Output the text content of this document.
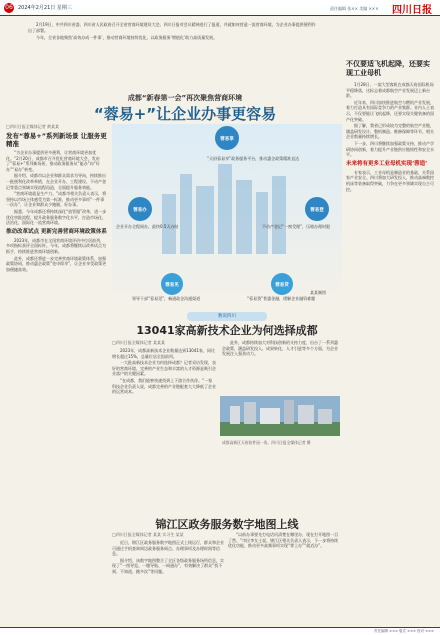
06 2024年2月21日 星期三	责任编辑 张×× 美编 ××× 四川日报

2月19日，中共四川省委、四川省人民政府召开全省营商环境建设大会。四川日报对会议精神进行了报道，并就如何营造一流营商环境、为企业办事提供便利作出了部署。

今年，全省各地聚焦‘高效办成一件事’，推动营商环境持续优化，以政务服务‘增值化’助力高质量发展。

成都“新春第一会”再次聚焦营商环境
“蓉易+”让企业办事更容易
□四川日报全媒体记者 黄某某
发布“蓉易+”系列新场景 让服务更精准

“为企业办事提供更多便利，让营商环境更加优化。”2月20日，成都市召开优化营商环境大会，发布了“蓉易+”系列新场景，推动政务服务从“能办”向“好办”“易办”转变。

据介绍，成都市以企业和群众需求为导向，持续推出一批便利化改革举措，在企业开办、工程建设、不动产登记等重点领域实现流程再造，全面提升服务效能。

“营商环境就是生产力。”成都市相关负责人表示，将坚持以市场主体感受为第一标准，推动更多事项“一件事一次办”，让企业和群众少跑腿、好办事。

据悉，今年成都还将持续深化“放管服”改革，进一步优化审批流程，提升政务服务数字化水平，打造市场化、法治化、国际化一流营商环境。

推动改革试点 更新完善营商环境政策体系

2023年，成都市在全国营商环境评价中位居前列，多项指标获评全国标杆。今年，成都将继续以改革试点为抓手，持续推进营商环境创新。

此外，成都还将进一步完善营商环境政策体系，加强政策协同，推动惠企政策“免申即享”，让企业享受政策更加便捷高效。

蓉易享
蓉易办	蓉易登
蓉易见	蓉易贷
“天府蓉易享”政务服务平台，推动惠企政策精准直达
企业开办全程网办，最快0.5天办结	不动产登记“一窗受理”，压缩办理时限
领导干部“蓉易见”，畅通政企沟通渠道	“蓉易贷”普惠金融，缓解企业融资难题
某某制图
不仅要适飞机起降，还要实现工业母机

1月28日，一架大型客机在成都天府国际机场平稳降落，这标志着成都航空产业发展迈上新台阶。

近年来，四川加快推进航空与燃机产业发展，着力打造具有国际竞争力的产业集群。业内人士表示，不仅要能让飞机起降，还要实现关键装备的国产化突破。

据了解，我省已形成较为完整的航空产业链，涵盖研发设计、整机制造、维修保障等环节，相关企业数量持续增长。

下一步，四川将继续加强政策支持，推动产学研协同创新，着力提升产业链供应链韧性和安全水平。

未来将有更多工业母机实现‘蓉造’

专家表示，工业母机是制造业的基础，关系国家产业安全。四川将加大研发投入，推动高端数控机床等装备取得突破，力争在更多领域实现自主可控。

数说四川
13041家高新技术企业为何选择成都
□四川日报全媒体记者 某某某

2023年，成都高新技术企业数量达到13041家，同比增长超过15%，总量位居全国前列。

一大批高新技术企业为何选择成都？记者采访发现，良好的营商环境、完善的产业生态和丰富的人才资源是吸引企业落户的关键因素。

“在成都，我们能够快速找到上下游合作伙伴。”一家科技企业负责人说，成都完善的产业链配套大大降低了企业的运营成本。

此外，成都持续加大对科技创新的支持力度，出台了一系列惠企政策，涵盖研发投入、成果转化、人才引进等多个方面，为企业发展注入强劲动力。

成都高新区天府软件园一角。四川日报全媒体记者 摄
锦江区政务服务数字地图上线
□四川日报全媒体记者 某某 实习生 某某

近日，锦江区政务服务数字地图正式上线运行，群众和企业可通过手机查询周边政务服务网点、办理事项及办理时间等信息。

据介绍，该数字地图整合了全区各级政务服务场所信息，实现了“一图导览、一键导航、一网通办”，有效解决了群众“找不到、不知道、跑多次”等问题。

“以前办事要先打电话问清楚在哪里办，现在打开地图一目了然。”市民李女士说。锦江区相关负责人表示，下一步将持续优化功能，推动更多高频事项实现“掌上办”“就近办”。

责任编辑 ××× 版式 ××× 校对 ×××
